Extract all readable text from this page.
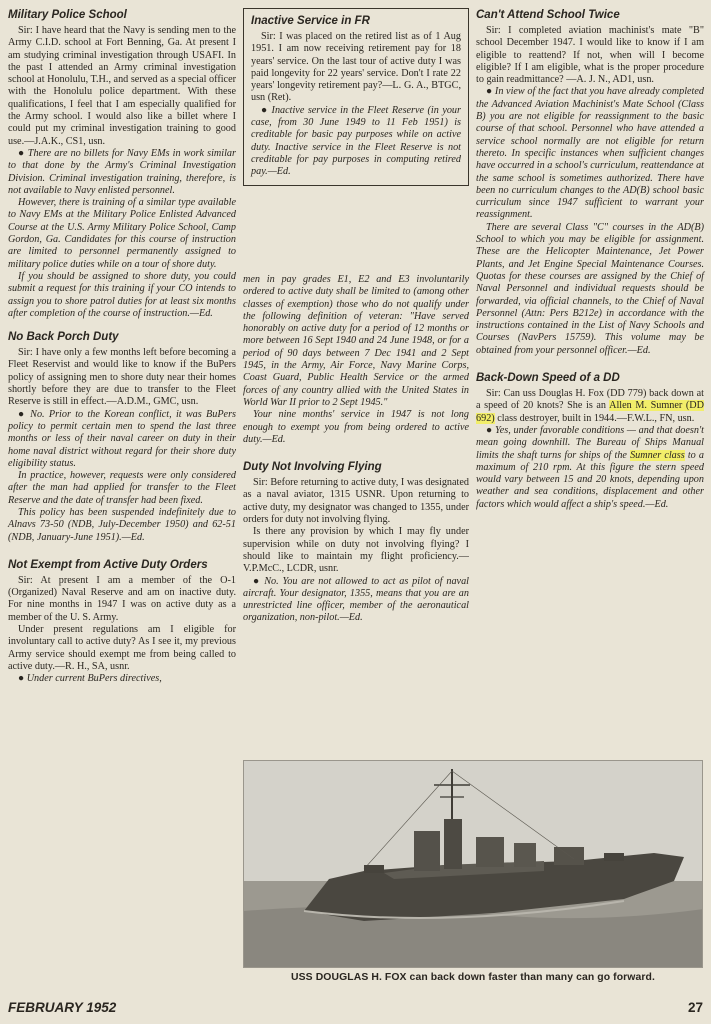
Military Police School

Sir: I have heard that the Navy is sending men to the Army C.I.D. school at Fort Benning, Ga. At present I am studying criminal investigation through USAFI. In the past I attended an Army criminal investigation school at Honolulu, T.H., and served as a special officer with the Honolulu police department. With these qualifications, I feel that I am especially qualified for the Army school. I would also like a billet where I could put my criminal investigation training to good use.—J.A.K., CS1, usn.

● There are no billets for Navy EMs in work similar to that done by the Army's Criminal Investigation Division. Criminal investigation training, therefore, is not available to Navy enlisted personnel.

However, there is training of a similar type available to Navy EMs at the Military Police Enlisted Advanced Course at the U.S. Army Military Police School, Camp Gordon, Ga. Candidates for this course of instruction are limited to personnel permanently assigned to military police duties while on a tour of shore duty.

If you should be assigned to shore duty, you could submit a request for this training if your CO intends to assign you to shore patrol duties for at least six months after completion of the course of instruction.—Ed.

No Back Porch Duty

Sir: I have only a few months left before becoming a Fleet Reservist and would like to know if the BuPers policy of assigning men to shore duty near their homes shortly before they are due to transfer to the Fleet Reserve is still in effect.—A.D.M., GMC, usn.

● No. Prior to the Korean conflict, it was BuPers policy to permit certain men to spend the last three months or less of their naval career on duty in their home naval district without regard for their shore duty eligibility status.

In practice, however, requests were only considered after the man had applied for transfer to the Fleet Reserve and the date of transfer had been fixed.

This policy has been suspended indefinitely due to Alnavs 73-50 (NDB, July-December 1950) and 62-51 (NDB, January-June 1951).—Ed.

Not Exempt from Active Duty Orders

Sir: At present I am a member of the O-1 (Organized) Naval Reserve and am on inactive duty. For nine months in 1947 I was on active duty as a member of the U. S. Army.

Under present regulations am I eligible for involuntary call to active duty? As I see it, my previous Army service should exempt me from being called to active duty.—R. H., SA, usnr.

● Under current BuPers directives,

Inactive Service in FR

Sir: I was placed on the retired list as of 1 Aug 1951. I am now receiving retirement pay for 18 years' service. On the last tour of active duty I was paid longevity for 22 years' service. Don't I rate 22 years' longevity retirement pay?—L. G. A., BTGC, usn (Ret).

● Inactive service in the Fleet Reserve (in your case, from 30 June 1949 to 11 Feb 1951) is creditable for basic pay purposes while on active duty. Inactive service in the Fleet Reserve is not creditable for pay purposes in computing retired pay.—Ed.

men in pay grades E1, E2 and E3 involuntarily ordered to active duty shall be limited to (among other classes of exemption) those who do not qualify under the following definition of veteran: "Have served honorably on active duty for a period of 12 months or more between 16 Sept 1940 and 24 June 1948, or for a period of 90 days between 7 Dec 1941 and 2 Sept 1945, in the Army, Air Force, Navy Marine Corps, Coast Guard, Public Health Service or the armed forces of any country allied with the United States in World War II prior to 2 Sept 1945."

Your nine months' service in 1947 is not long enough to exempt you from being ordered to active duty.—Ed.

Duty Not Involving Flying

Sir: Before returning to active duty, I was designated as a naval aviator, 1315 USNR. Upon returning to active duty, my designator was changed to 1355, under orders for duty not involving flying.

Is there any provision by which I may fly under supervision while on duty not involving flying? I should like to maintain my flight proficiency.—V.P.McC., LCDR, usnr.

● No. You are not allowed to act as pilot of naval aircraft. Your designator, 1355, means that you are an unrestricted line officer, member of the aeronautical organization, non-pilot.—Ed.

Can't Attend School Twice

Sir: I completed aviation machinist's mate "B" school December 1947. I would like to know if I am eligible to reattend? If not, when will I become eligible? If I am eligible, what is the proper procedure to gain readmittance? —A. J. N., AD1, usn.

● In view of the fact that you have already completed the Advanced Aviation Machinist's Mate School (Class B) you are not eligible for reassignment to the basic course of that school. Personnel who have attended a service school normally are not eligible for return thereto. In specific instances when sufficient changes have occurred in a school's curriculum, reattendance at the same school is sometimes authorized. There have been no curriculum changes to the AD(B) school basic curriculum since 1947 sufficient to warrant your reassignment.

There are several Class "C" courses in the AD(B) School to which you may be eligible for assignment. These are the Helicopter Maintenance, Jet Power Plants, and Jet Engine Special Maintenance Courses. Quotas for these courses are assigned by the Chief of Naval Personnel and individual requests should be forwarded, via official channels, to the Chief of Naval Personnel (Attn: Pers B212e) in accordance with the instructions contained in the List of Navy Schools and Courses (NavPers 15759). This volume may be obtained from your personnel officer.—Ed.

Back-Down Speed of a DD

Sir: Can uss Douglas H. Fox (DD 779) back down at a speed of 20 knots? She is an Allen M. Sumner (DD 692) class destroyer, built in 1944.—F.W.L., FN, usn.

● Yes, under favorable conditions — and that doesn't mean going downhill. The Bureau of Ships Manual limits the shaft turns for ships of the Sumner class to a maximum of 210 rpm. At this figure the stern speed would vary between 15 and 20 knots, depending upon weather and sea conditions, displacement and other factors which would affect a ship's speed.—Ed.

USS DOUGLAS H. FOX can back down faster than many can go forward.
FEBRUARY 1952	27
